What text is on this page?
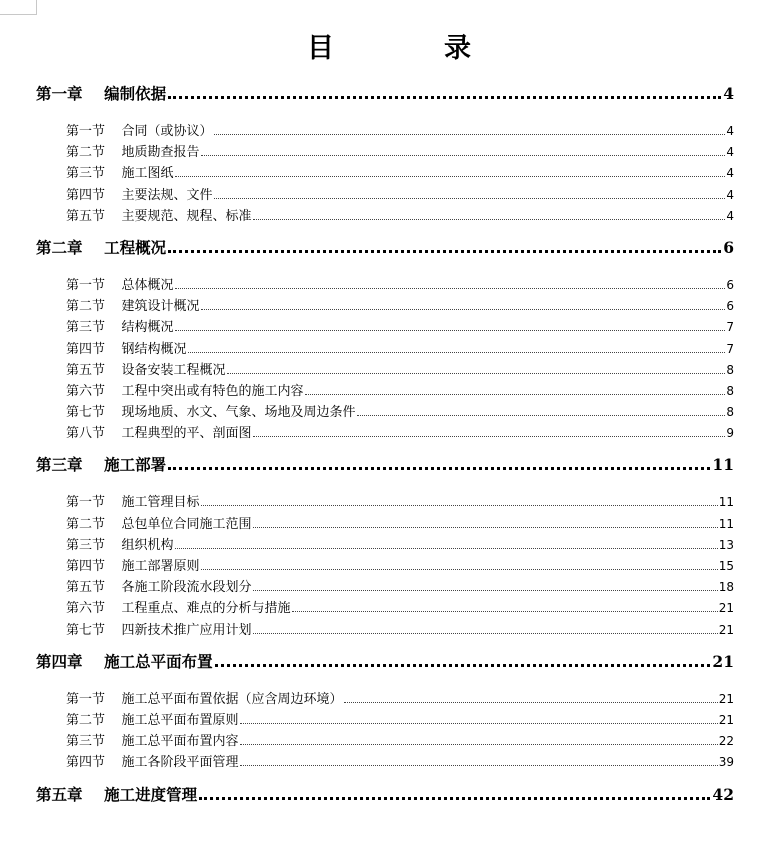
目	录
第一章    编制依据	4
第一节    合同（或协议）	4
第二节    地质勘查报告	4
第三节    施工图纸	4
第四节    主要法规、文件	4
第五节    主要规范、规程、标准	4
第二章    工程概况	6
第一节    总体概况	6
第二节    建筑设计概况	6
第三节    结构概况	7
第四节    钢结构概况	7
第五节    设备安装工程概况	8
第六节    工程中突出或有特色的施工内容	8
第七节    现场地质、水文、气象、场地及周边条件	8
第八节    工程典型的平、剖面图	9
第三章    施工部署	11
第一节    施工管理目标	11
第二节    总包单位合同施工范围	11
第三节    组织机构	13
第四节    施工部署原则	15
第五节    各施工阶段流水段划分	18
第六节    工程重点、难点的分析与措施	21
第七节    四新技术推广应用计划	21
第四章    施工总平面布置	21
第一节    施工总平面布置依据（应含周边环境）	21
第二节    施工总平面布置原则	21
第三节    施工总平面布置内容	22
第四节    施工各阶段平面管理	39
第五章    施工进度管理	42
